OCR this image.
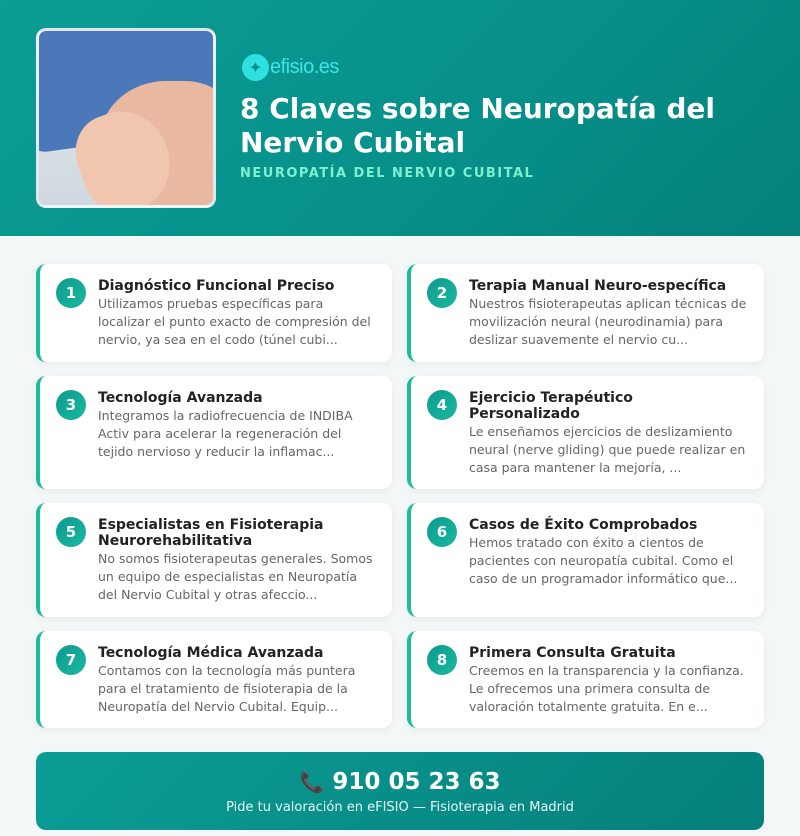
✦ efisio.es
8 Claves sobre Neuropatía del Nervio Cubital
NEUROPATÍA DEL NERVIO CUBITAL
1	Diagnóstico Funcional Preciso
Utilizamos pruebas específicas para localizar el punto exacto de compresión del nervio, ya sea en el codo (túnel cubi...
2	Terapia Manual Neuro-específica
Nuestros fisioterapeutas aplican técnicas de movilización neural (neurodinamia) para deslizar suavemente el nervio cu...
3	Tecnología Avanzada
Integramos la radiofrecuencia de INDIBA Activ para acelerar la regeneración del tejido nervioso y reducir la inflamac...
4	Ejercicio Terapéutico Personalizado
Le enseñamos ejercicios de deslizamiento neural (nerve gliding) que puede realizar en casa para mantener la mejoría, ...
5	Especialistas en Fisioterapia Neurorehabilitativa
No somos fisioterapeutas generales. Somos un equipo de especialistas en Neuropatía del Nervio Cubital y otras afeccio...
6	Casos de Éxito Comprobados
Hemos tratado con éxito a cientos de pacientes con neuropatía cubital. Como el caso de un programador informático que...
7	Tecnología Médica Avanzada
Contamos con la tecnología más puntera para el tratamiento de fisioterapia de la Neuropatía del Nervio Cubital. Equip...
8	Primera Consulta Gratuita
Creemos en la transparencia y la confianza. Le ofrecemos una primera consulta de valoración totalmente gratuita. En e...
📞 910 05 23 63
Pide tu valoración en eFISIO — Fisioterapia en Madrid
